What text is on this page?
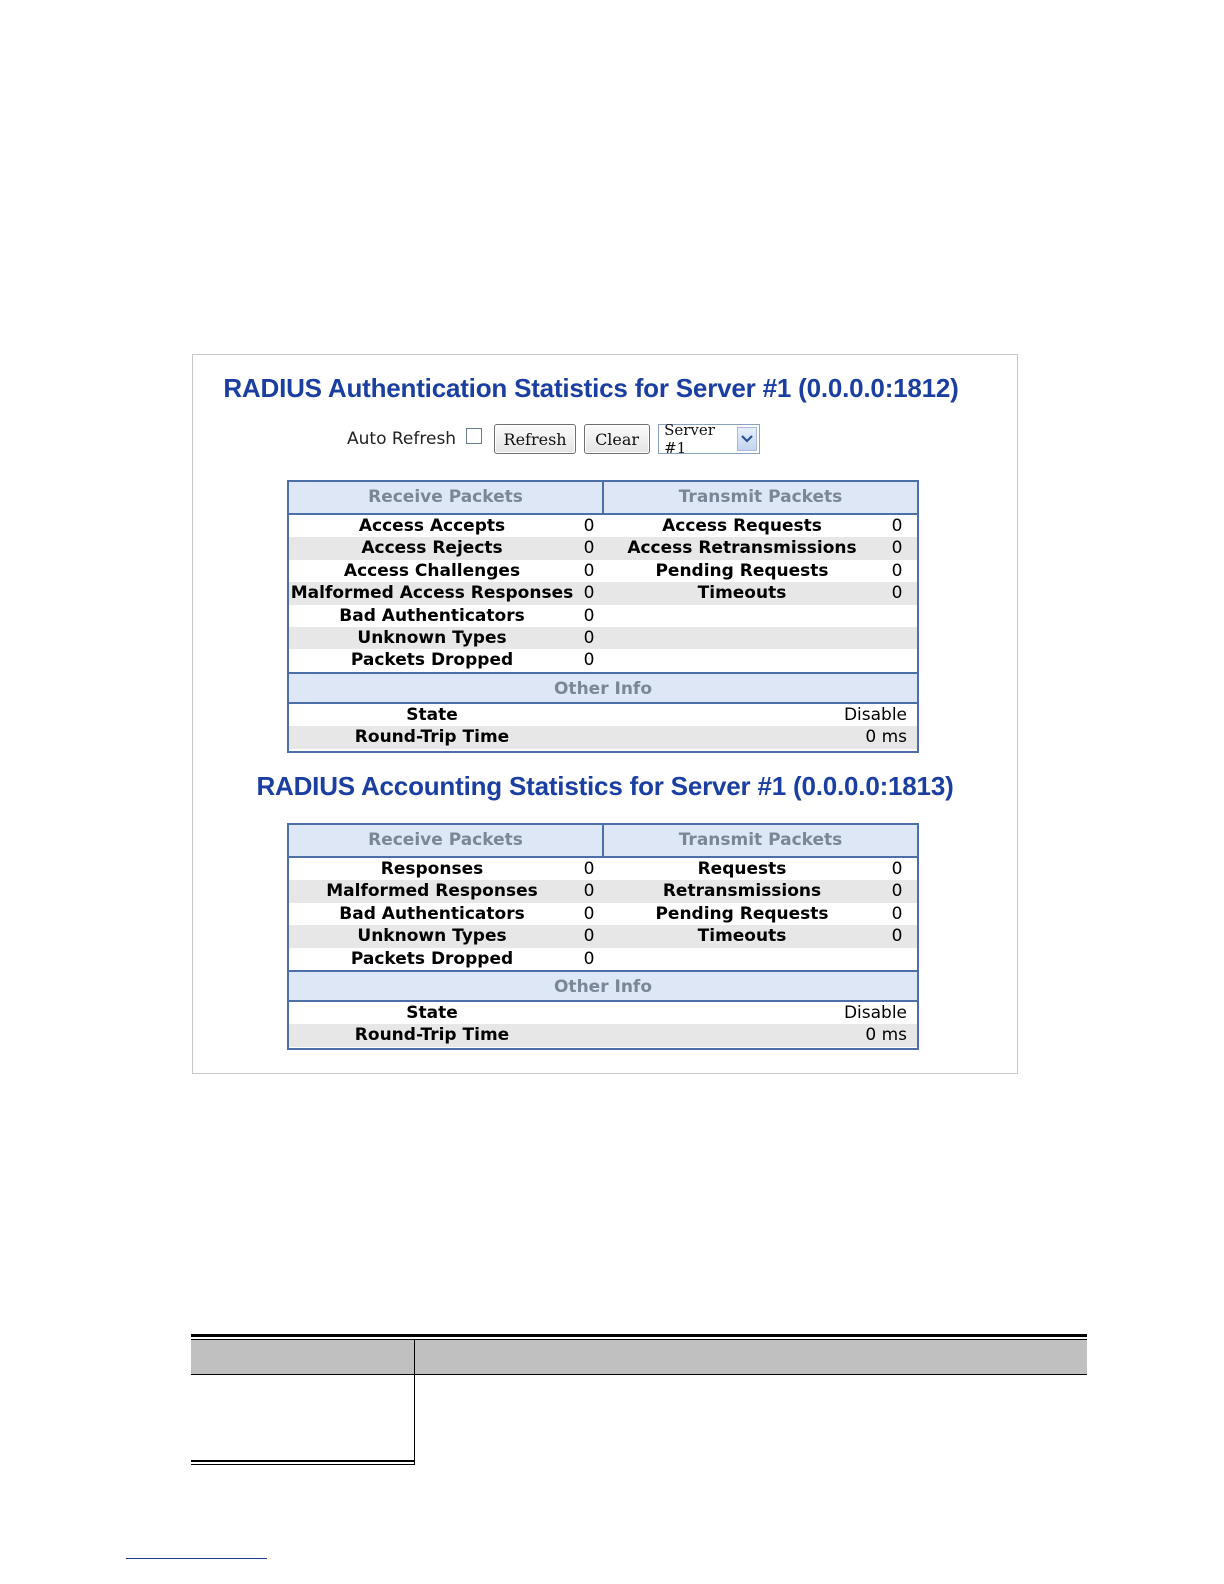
RADIUS Authentication Statistics for Server #1 (0.0.0.0:1812)
Auto Refresh	Refresh	Clear	Server #1
Receive Packets	Transmit Packets
Access Accepts	0	Access Requests	0
Access Rejects	0	Access Retransmissions	0
Access Challenges	0	Pending Requests	0
Malformed Access Responses 0	Timeouts	0
Bad Authenticators	0
Unknown Types	0
Packets Dropped	0
Other Info
State	Disable
Round-Trip Time	0 ms
RADIUS Accounting Statistics for Server #1 (0.0.0.0:1813)
Receive Packets	Transmit Packets
Responses	0	Requests	0
Malformed Responses	0	Retransmissions	0
Bad Authenticators	0	Pending Requests	0
Unknown Types	0	Timeouts	0
Packets Dropped	0
Other Info
State	Disable
Round-Trip Time	0 ms
